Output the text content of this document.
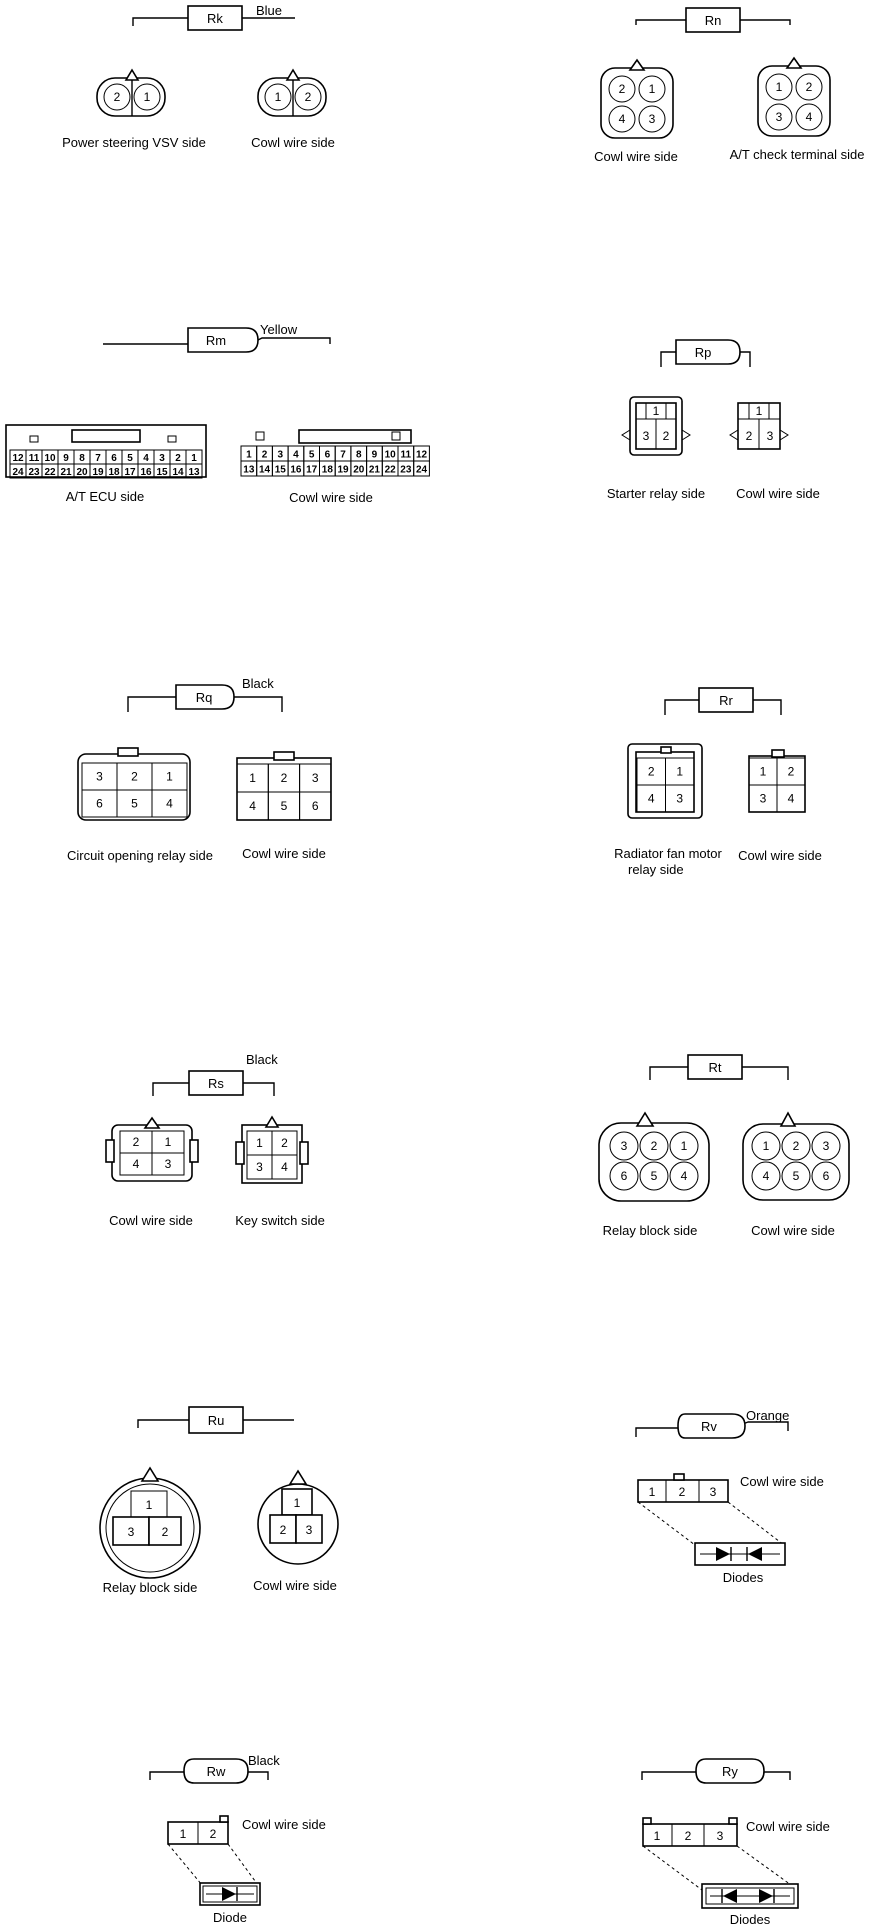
Rk
Blue
2 1	1 2
Power steering VSV side	Cowl wire side
Rn
2 1
4 3
1 2
3 4
Cowl wire side	A/T check terminal side
Rm
Yellow
12 11 10 9 8 7 6 5 4 3 2 1
24 23 22 21 20 19 18 17 16 15 14 13
1 2 3 4 5 6 7 8 9 10 11 12
13 14 15 16 17 18 19 20 21 22 23 24
A/T ECU side	Cowl wire side
Rp
1
3 2
1
2 3
Starter relay side Cowl wire side
Rq
Black
3 2 1
6 5 4
1 2 3
4 5 6
Circuit opening relay side Cowl wire side
Rr
2 1
4 3
1 2
3 4
Radiator fan motor
relay side
Cowl wire side
Rs
Black
2 1
4 3
1 2
3 4
Cowl wire side	Key switch side
Rt
3 2 1
6 5 4
1 2 3
4 5 6
Relay block side	Cowl wire side
Ru
1
3 2
1
2 3
Relay block side	Cowl wire side
Rv
Orange
1 2 3
Cowl wire side
Diodes
Rw
Black
1 2
Cowl wire side
Diode
Ry
1 2 3
Cowl wire side
Diodes
